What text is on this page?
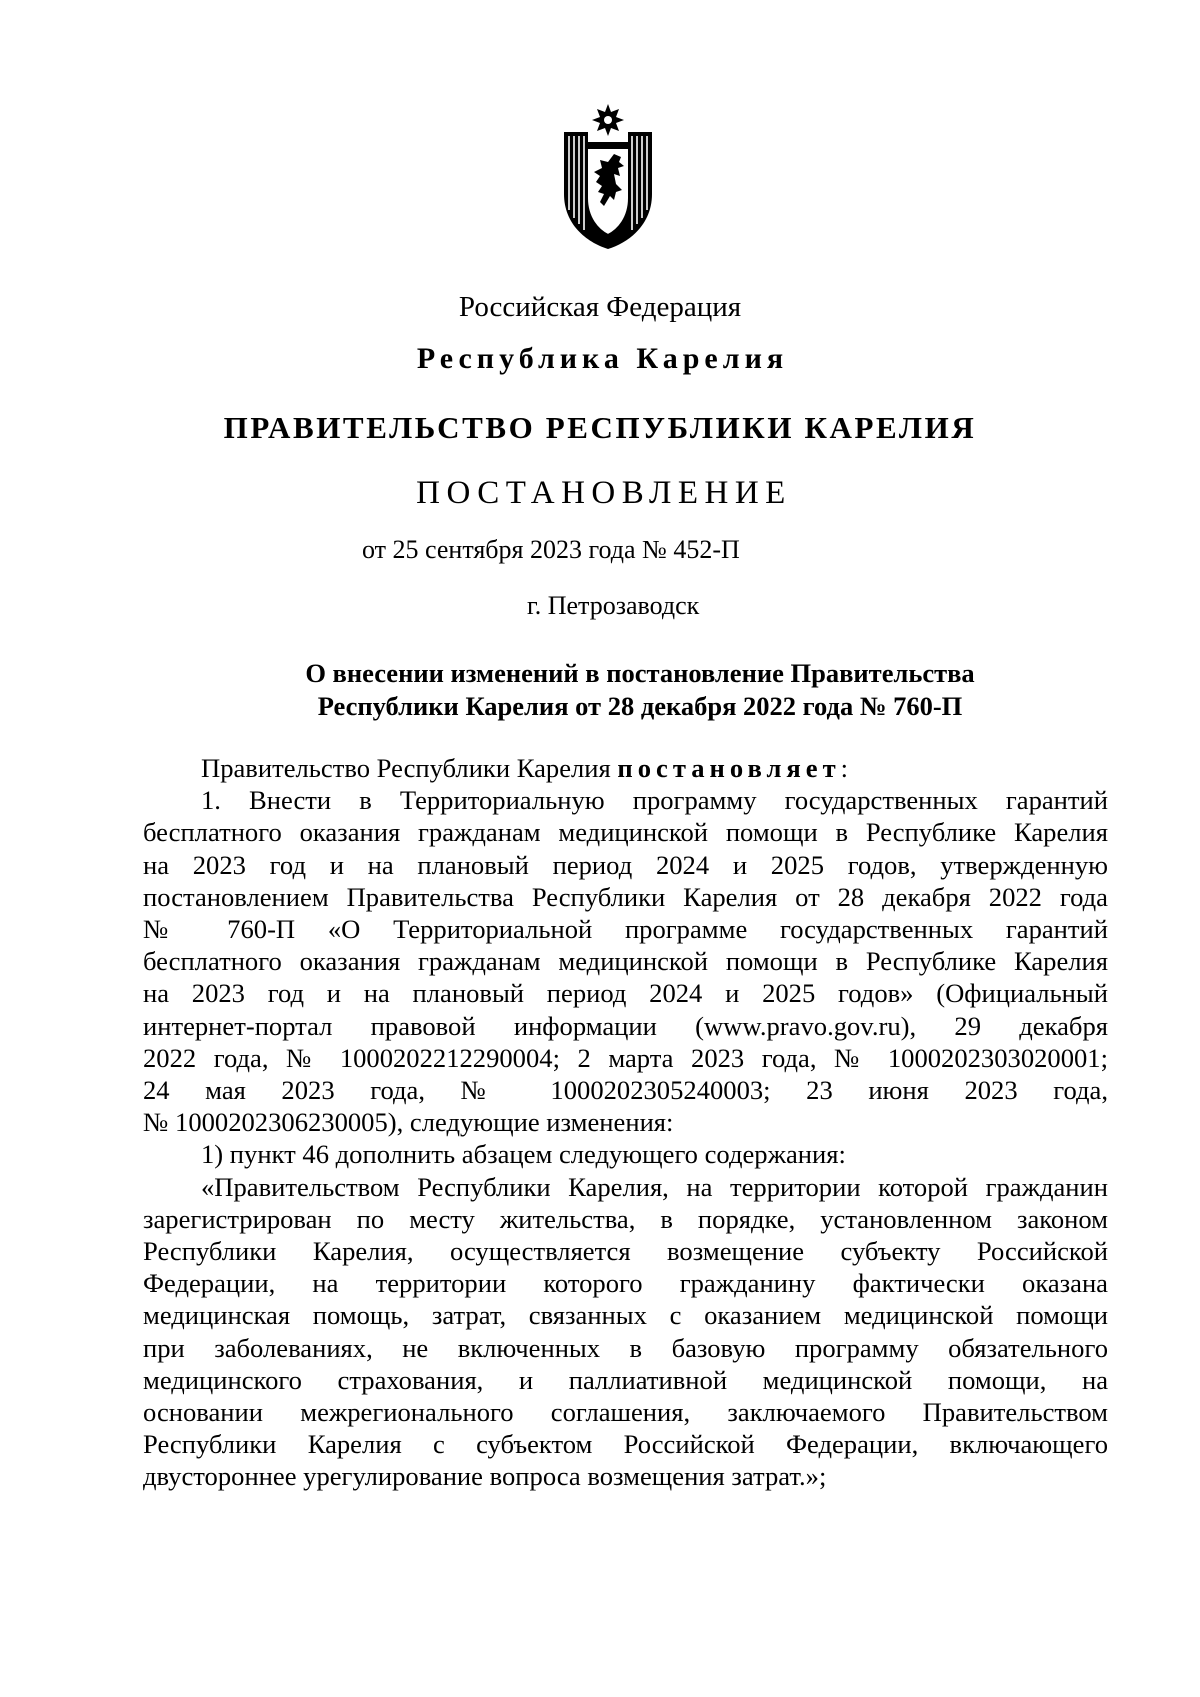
Российская Федерация
Республика Карелия
ПРАВИТЕЛЬСТВО РЕСПУБЛИКИ КАРЕЛИЯ
ПОСТАНОВЛЕНИЕ
от 25 сентября 2023 года № 452-П
г. Петрозаводск
О внесении изменений в постановление Правительства
Республики Карелия от 28 декабря 2022 года № 760-П
Правительство Республики Карелия постановляет:
1. Внести в Территориальную программу государственных гарантий
бесплатного оказания гражданам медицинской помощи в Республике Карелия
на 2023 год и на плановый период 2024 и 2025 годов, утвержденную
постановлением Правительства Республики Карелия от 28 декабря 2022 года
№ 760-П «О Территориальной программе государственных гарантий
бесплатного оказания гражданам медицинской помощи в Республике Карелия
на 2023 год и на плановый период 2024 и 2025 годов» (Официальный
интернет-портал правовой информации (www.pravo.gov.ru), 29 декабря
2022 года, № 1000202212290004; 2 марта 2023 года, № 1000202303020001;
24 мая 2023 года, № 1000202305240003; 23 июня 2023 года,
№ 1000202306230005), следующие изменения:
1) пункт 46 дополнить абзацем следующего содержания:
«Правительством Республики Карелия, на территории которой гражданин
зарегистрирован по месту жительства, в порядке, установленном законом
Республики Карелия, осуществляется возмещение субъекту Российской
Федерации, на территории которого гражданину фактически оказана
медицинская помощь, затрат, связанных с оказанием медицинской помощи
при заболеваниях, не включенных в базовую программу обязательного
медицинского страхования, и паллиативной медицинской помощи, на
основании межрегионального соглашения, заключаемого Правительством
Республики Карелия с субъектом Российской Федерации, включающего
двустороннее урегулирование вопроса возмещения затрат.»;
